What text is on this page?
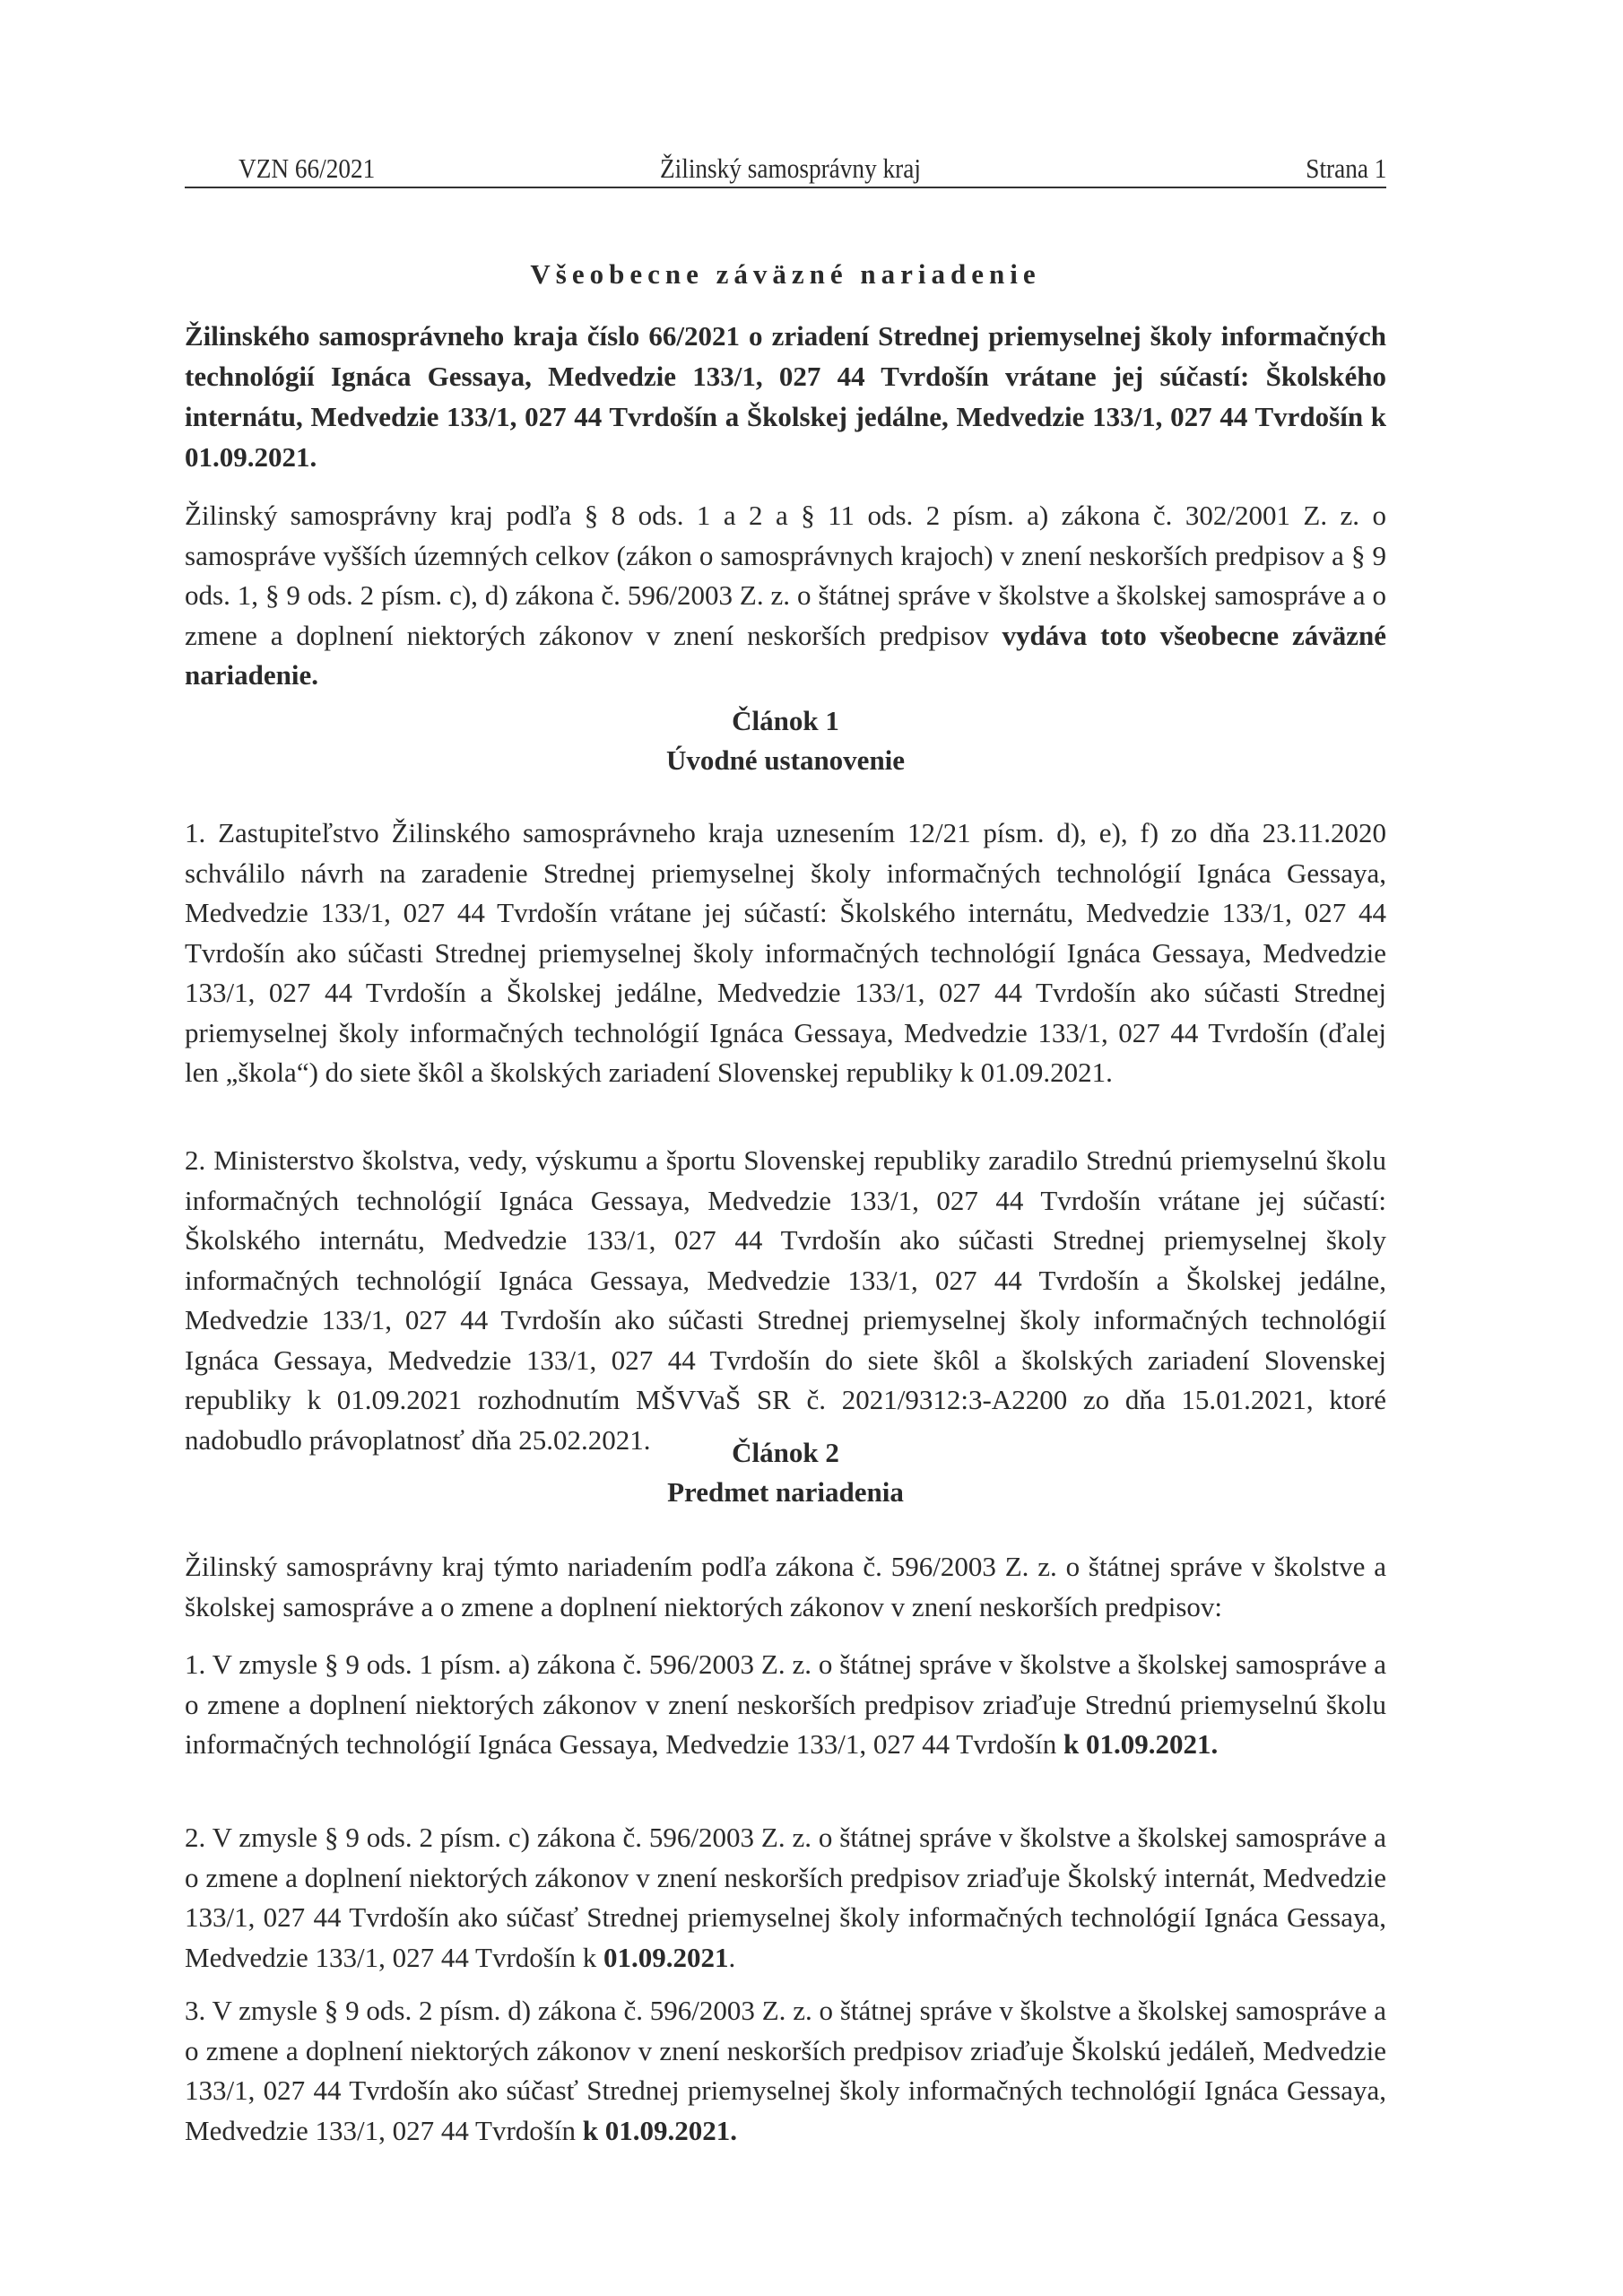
VZN 66/2021	Žilinský samosprávny kraj	Strana 1
Všeobecne záväzné nariadenie
Žilinského samosprávneho kraja číslo 66/2021 o zriadení Strednej priemyselnej školy informačných technológií Ignáca Gessaya, Medvedzie 133/1, 027 44 Tvrdošín vrátane jej súčastí: Školského internátu, Medvedzie 133/1, 027 44 Tvrdošín a Školskej jedálne, Medvedzie 133/1, 027 44 Tvrdošín k 01.09.2021.
Žilinský samosprávny kraj podľa § 8 ods. 1 a 2 a § 11 ods. 2 písm. a) zákona č. 302/2001 Z. z. o samospráve vyšších územných celkov (zákon o samosprávnych krajoch) v znení neskorších predpisov a § 9 ods. 1, § 9 ods. 2 písm. c), d) zákona č. 596/2003 Z. z. o štátnej správe v školstve a školskej samospráve a o zmene a doplnení niektorých zákonov v znení neskorších predpisov vydáva toto všeobecne záväzné nariadenie.
Článok 1
Úvodné ustanovenie
1. Zastupiteľstvo Žilinského samosprávneho kraja uznesením 12/21 písm. d), e), f) zo dňa 23.11.2020 schválilo návrh na zaradenie Strednej priemyselnej školy informačných technológií Ignáca Gessaya, Medvedzie 133/1, 027 44 Tvrdošín vrátane jej súčastí: Školského internátu, Medvedzie 133/1, 027 44 Tvrdošín ako súčasti Strednej priemyselnej školy informačných technológií Ignáca Gessaya, Medvedzie 133/1, 027 44 Tvrdošín a Školskej jedálne, Medvedzie 133/1, 027 44 Tvrdošín ako súčasti Strednej priemyselnej školy informačných technológií Ignáca Gessaya, Medvedzie 133/1, 027 44 Tvrdošín (ďalej len „škola“) do siete škôl a školských zariadení Slovenskej republiky k 01.09.2021.
2. Ministerstvo školstva, vedy, výskumu a športu Slovenskej republiky zaradilo Strednú priemyselnú školu informačných technológií Ignáca Gessaya, Medvedzie 133/1, 027 44 Tvrdošín vrátane jej súčastí: Školského internátu, Medvedzie 133/1, 027 44 Tvrdošín ako súčasti Strednej priemyselnej školy informačných technológií Ignáca Gessaya, Medvedzie 133/1, 027 44 Tvrdošín a Školskej jedálne, Medvedzie 133/1, 027 44 Tvrdošín ako súčasti Strednej priemyselnej školy informačných technológií Ignáca Gessaya, Medvedzie 133/1, 027 44 Tvrdošín do siete škôl a školských zariadení Slovenskej republiky k 01.09.2021 rozhodnutím MŠVVaŠ SR č. 2021/9312:3-A2200 zo dňa 15.01.2021, ktoré nadobudlo právoplatnosť dňa 25.02.2021.	Článok 2
Predmet nariadenia
Žilinský samosprávny kraj týmto nariadením podľa zákona č. 596/2003 Z. z. o štátnej správe v školstve a školskej samospráve a o zmene a doplnení niektorých zákonov v znení neskorších predpisov:
1. V zmysle § 9 ods. 1 písm. a) zákona č. 596/2003 Z. z. o štátnej správe v školstve a školskej samospráve a o zmene a doplnení niektorých zákonov v znení neskorších predpisov zriaďuje Strednú priemyselnú školu informačných technológií Ignáca Gessaya, Medvedzie 133/1, 027 44 Tvrdošín k 01.09.2021.
2. V zmysle § 9 ods. 2 písm. c) zákona č. 596/2003 Z. z. o štátnej správe v školstve a školskej samospráve a o zmene a doplnení niektorých zákonov v znení neskorších predpisov zriaďuje Školský internát, Medvedzie 133/1, 027 44 Tvrdošín ako súčasť Strednej priemyselnej školy informačných technológií Ignáca Gessaya, Medvedzie 133/1, 027 44 Tvrdošín k 01.09.2021.
3. V zmysle § 9 ods. 2 písm. d) zákona č. 596/2003 Z. z. o štátnej správe v školstve a školskej samospráve a o zmene a doplnení niektorých zákonov v znení neskorších predpisov zriaďuje Školskú jedáleň, Medvedzie 133/1, 027 44 Tvrdošín ako súčasť Strednej priemyselnej školy informačných technológií Ignáca Gessaya, Medvedzie 133/1, 027 44 Tvrdošín k 01.09.2021.
